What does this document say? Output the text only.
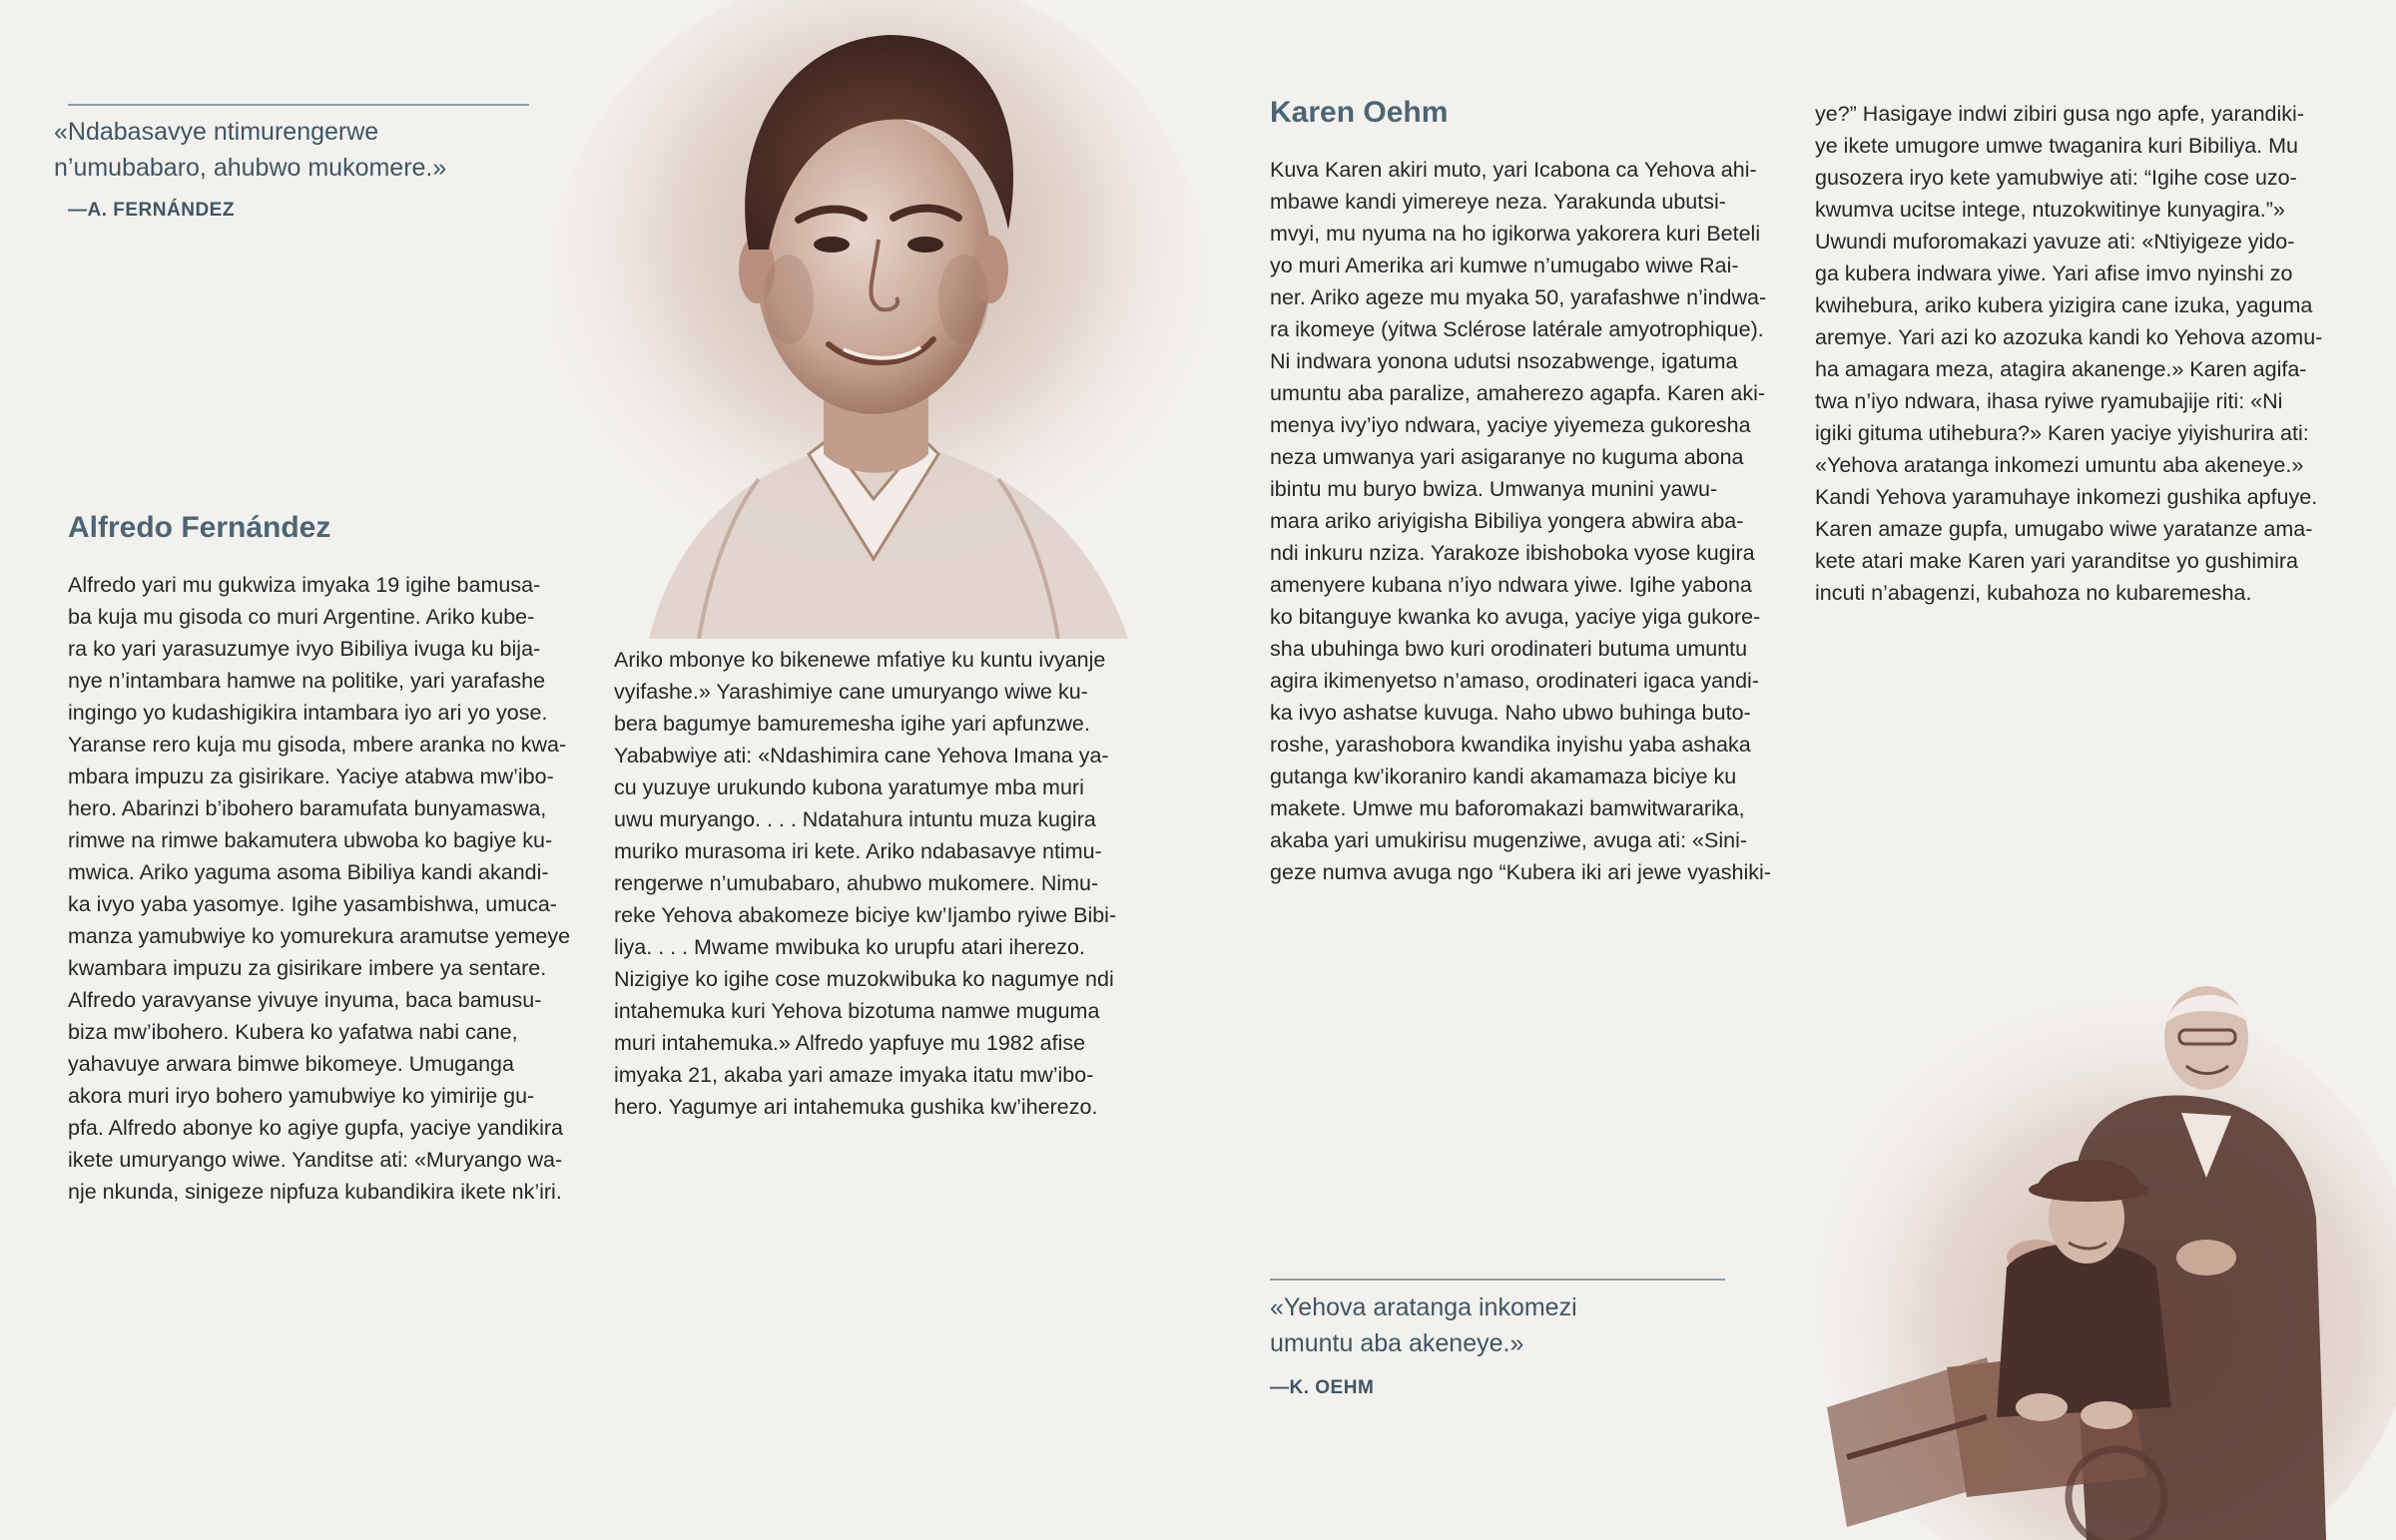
«Ndabasavye ntimurengerwe
n’umubabaro, ahubwo mukomere.»

—A. FERNÁNDEZ

Alfredo Fernández

Alfredo yari mu gukwiza imyaka 19 igihe bamusa-
ba kuja mu gisoda co muri Argentine. Ariko kube-
ra ko yari yarasuzumye ivyo Bibiliya ivuga ku bija-
nye n’intambara hamwe na politike, yari yarafashe
ingingo yo kudashigikira intambara iyo ari yo yose.
Yaranse rero kuja mu gisoda, mbere aranka no kwa-
mbara impuzu za gisirikare. Yaciye atabwa mw’ibo-
hero. Abarinzi b’ibohero baramufata bunyamaswa,
rimwe na rimwe bakamutera ubwoba ko bagiye ku-
mwica. Ariko yaguma asoma Bibiliya kandi akandi-
ka ivyo yaba yasomye. Igihe yasambishwa, umuca-
manza yamubwiye ko yomurekura aramutse yemeye
kwambara impuzu za gisirikare imbere ya sentare.
Alfredo yaravyanse yivuye inyuma, baca bamusu-
biza mw’ibohero. Kubera ko yafatwa nabi cane,
yahavuye arwara bimwe bikomeye. Umuganga
akora muri iryo bohero yamubwiye ko yimirije gu-
pfa. Alfredo abonye ko agiye gupfa, yaciye yandikira
ikete umuryango wiwe. Yanditse ati: «Muryango wa-
nje nkunda, sinigeze nipfuza kubandikira ikete nk’iri.

Ariko mbonye ko bikenewe mfatiye ku kuntu ivyanje
vyifashe.» Yarashimiye cane umuryango wiwe ku-
bera bagumye bamuremesha igihe yari apfunzwe.
Yababwiye ati: «Ndashimira cane Yehova Imana ya-
cu yuzuye urukundo kubona yaratumye mba muri
uwu muryango. . . . Ndatahura intuntu muza kugira
muriko murasoma iri kete. Ariko ndabasavye ntimu-
rengerwe n’umubabaro, ahubwo mukomere. Nimu-
reke Yehova abakomeze biciye kw’Ijambo ryiwe Bibi-
liya. . . . Mwame mwibuka ko urupfu atari iherezo.
Nizigiye ko igihe cose muzokwibuka ko nagumye ndi
intahemuka kuri Yehova bizotuma namwe muguma
muri intahemuka.» Alfredo yapfuye mu 1982 afise
imyaka 21, akaba yari amaze imyaka itatu mw’ibo-
hero. Yagumye ari intahemuka gushika kw’iherezo.

Karen Oehm

Kuva Karen akiri muto, yari Icabona ca Yehova ahi-
mbawe kandi yimereye neza. Yarakunda ubutsi-
mvyi, mu nyuma na ho igikorwa yakorera kuri Beteli
yo muri Amerika ari kumwe n’umugabo wiwe Rai-
ner. Ariko ageze mu myaka 50, yarafashwe n’indwa-
ra ikomeye (yitwa Sclérose latérale amyotrophique).
Ni indwara yonona udutsi nsozabwenge, igatuma
umuntu aba paralize, amaherezo agapfa. Karen aki-
menya ivy’iyo ndwara, yaciye yiyemeza gukoresha
neza umwanya yari asigaranye no kuguma abona
ibintu mu buryo bwiza. Umwanya munini yawu-
mara ariko ariyigisha Bibiliya yongera abwira aba-
ndi inkuru nziza. Yarakoze ibishoboka vyose kugira
amenyere kubana n’iyo ndwara yiwe. Igihe yabona
ko bitanguye kwanka ko avuga, yaciye yiga gukore-
sha ubuhinga bwo kuri orodinateri butuma umuntu
agira ikimenyetso n’amaso, orodinateri igaca yandi-
ka ivyo ashatse kuvuga. Naho ubwo buhinga buto-
roshe, yarashobora kwandika inyishu yaba ashaka
gutanga kw’ikoraniro kandi akamamaza biciye ku
makete. Umwe mu baforomakazi bamwitwararika,
akaba yari umukirisu mugenziwe, avuga ati: «Sini-
geze numva avuga ngo “Kubera iki ari jewe vyashiki-

ye?” Hasigaye indwi zibiri gusa ngo apfe, yarandiki-
ye ikete umugore umwe twaganira kuri Bibiliya. Mu
gusozera iryo kete yamubwiye ati: “Igihe cose uzo-
kwumva ucitse intege, ntuzokwitinye kunyagira.”»
Uwundi muforomakazi yavuze ati: «Ntiyigeze yido-
ga kubera indwara yiwe. Yari afise imvo nyinshi zo
kwihebura, ariko kubera yizigira cane izuka, yaguma
aremye. Yari azi ko azozuka kandi ko Yehova azomu-
ha amagara meza, atagira akanenge.» Karen agifa-
twa n’iyo ndwara, ihasa ryiwe ryamubajije riti: «Ni
igiki gituma utihebura?» Karen yaciye yiyishurira ati:
«Yehova aratanga inkomezi umuntu aba akeneye.»
Kandi Yehova yaramuhaye inkomezi gushika apfuye.
Karen amaze gupfa, umugabo wiwe yaratanze ama-
kete atari make Karen yari yaranditse yo gushimira
incuti n’abagenzi, kubahoza no kubaremesha.

«Yehova aratanga inkomezi
umuntu aba akeneye.»

—K. OEHM
